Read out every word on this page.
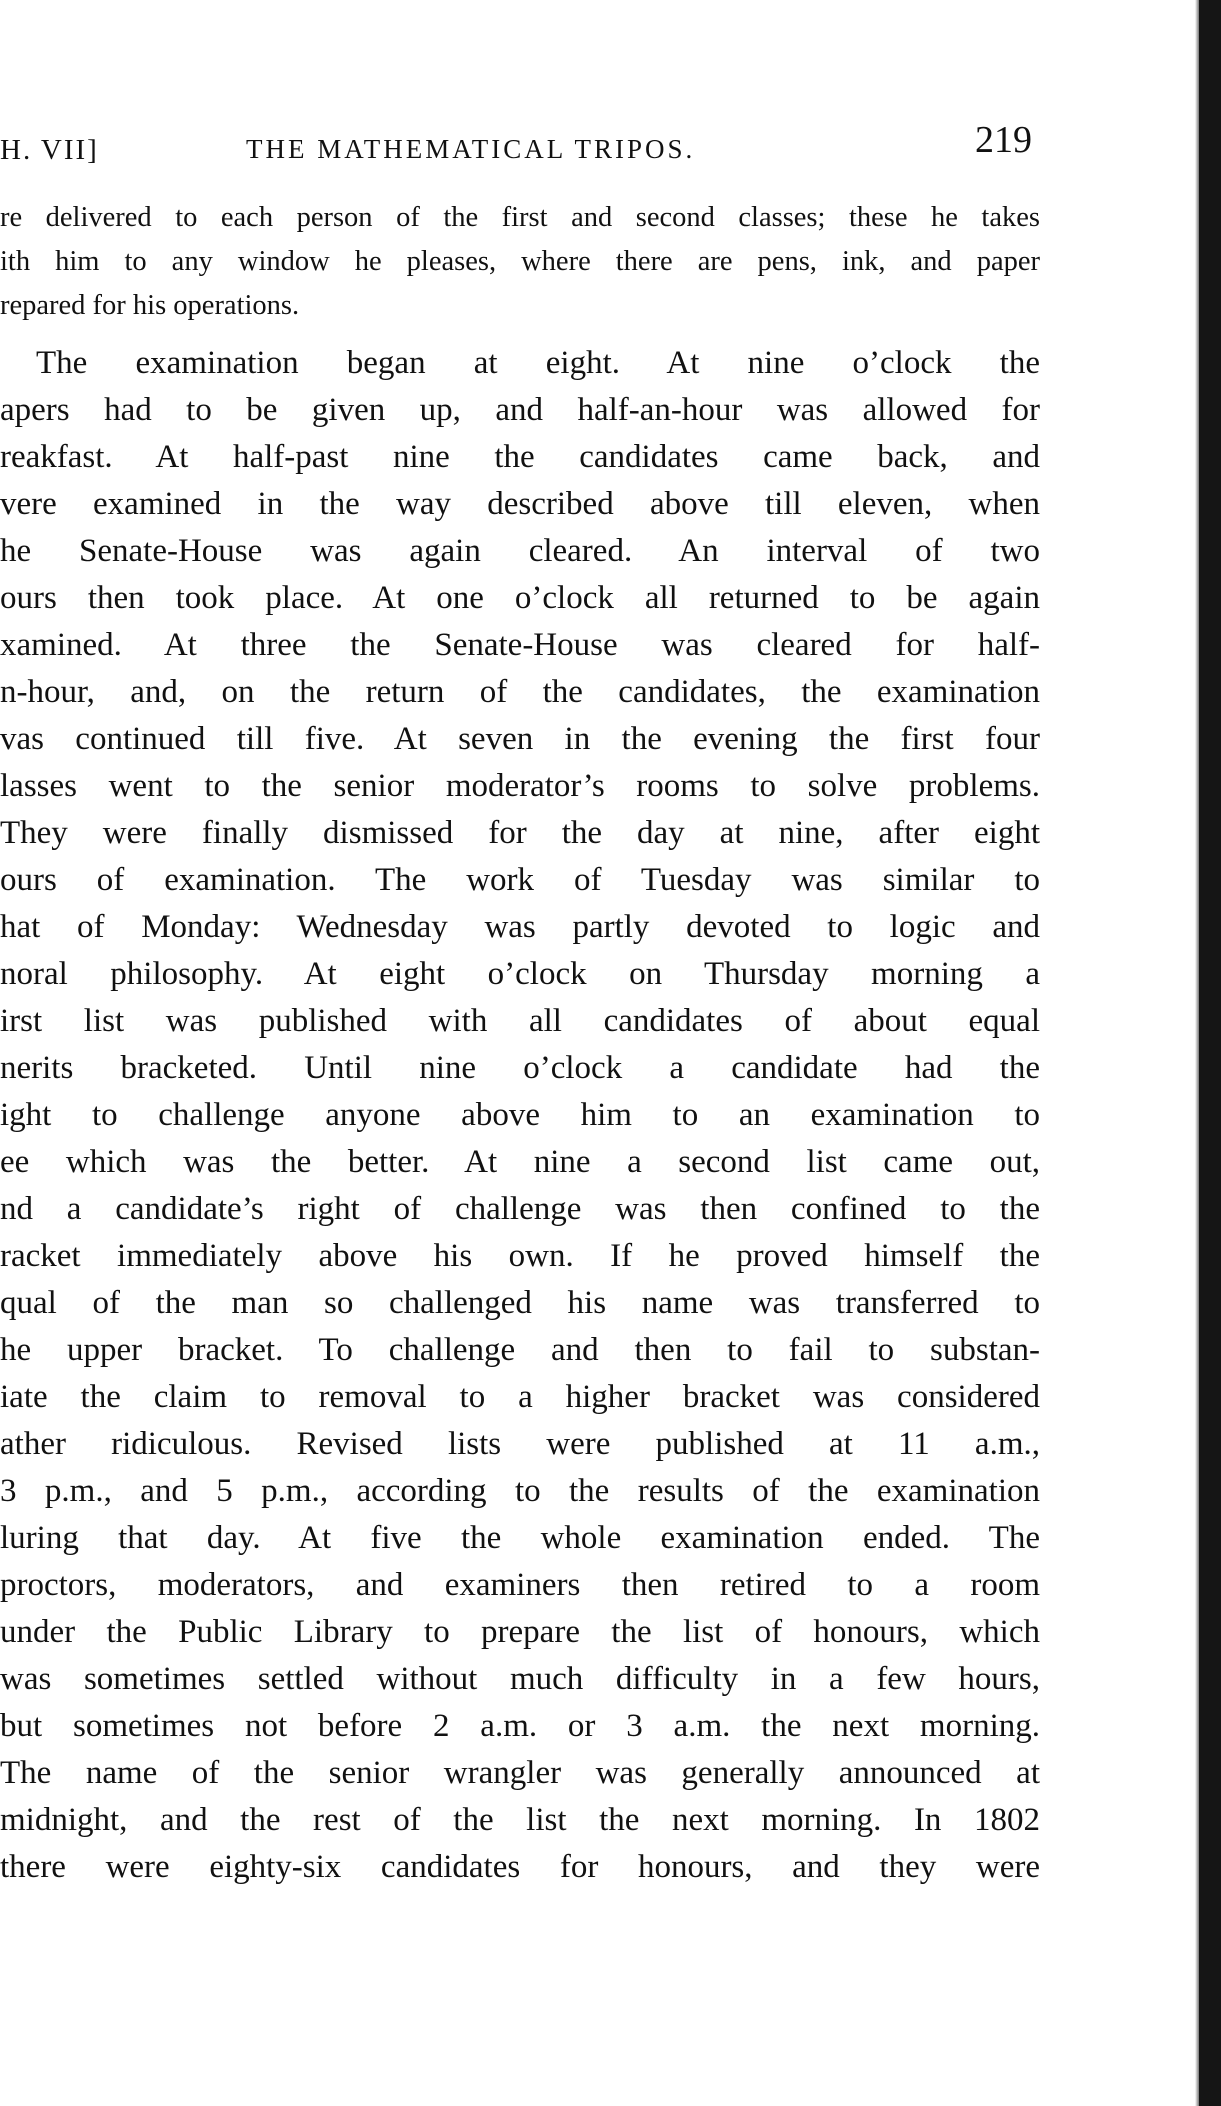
H. VII]	THE MATHEMATICAL TRIPOS.	219
re delivered to each person of the first and second classes; these he takes
ith him to any window he pleases, where there are pens, ink, and paper
repared for his operations.
The examination began at eight. At nine o’clock the
apers had to be given up, and half-an-hour was allowed for
reakfast. At half-past nine the candidates came back, and
vere examined in the way described above till eleven, when
he Senate-House was again cleared. An interval of two
ours then took place. At one o’clock all returned to be again
xamined. At three the Senate-House was cleared for half-
n-hour, and, on the return of the candidates, the examination
vas continued till five. At seven in the evening the first four
lasses went to the senior moderator’s rooms to solve problems.
They were finally dismissed for the day at nine, after eight
ours of examination. The work of Tuesday was similar to
hat of Monday: Wednesday was partly devoted to logic and
noral philosophy. At eight o’clock on Thursday morning a
irst list was published with all candidates of about equal
nerits bracketed. Until nine o’clock a candidate had the
ight to challenge anyone above him to an examination to
ee which was the better. At nine a second list came out,
nd a candidate’s right of challenge was then confined to the
racket immediately above his own. If he proved himself the
qual of the man so challenged his name was transferred to
he upper bracket. To challenge and then to fail to substan-
iate the claim to removal to a higher bracket was considered
ather ridiculous. Revised lists were published at 11 a.m.,
3 p.m., and 5 p.m., according to the results of the examination
luring that day. At five the whole examination ended. The
proctors, moderators, and examiners then retired to a room
under the Public Library to prepare the list of honours, which
was sometimes settled without much difficulty in a few hours,
but sometimes not before 2 a.m. or 3 a.m. the next morning.
The name of the senior wrangler was generally announced at
midnight, and the rest of the list the next morning. In 1802
there were eighty-six candidates for honours, and they were
